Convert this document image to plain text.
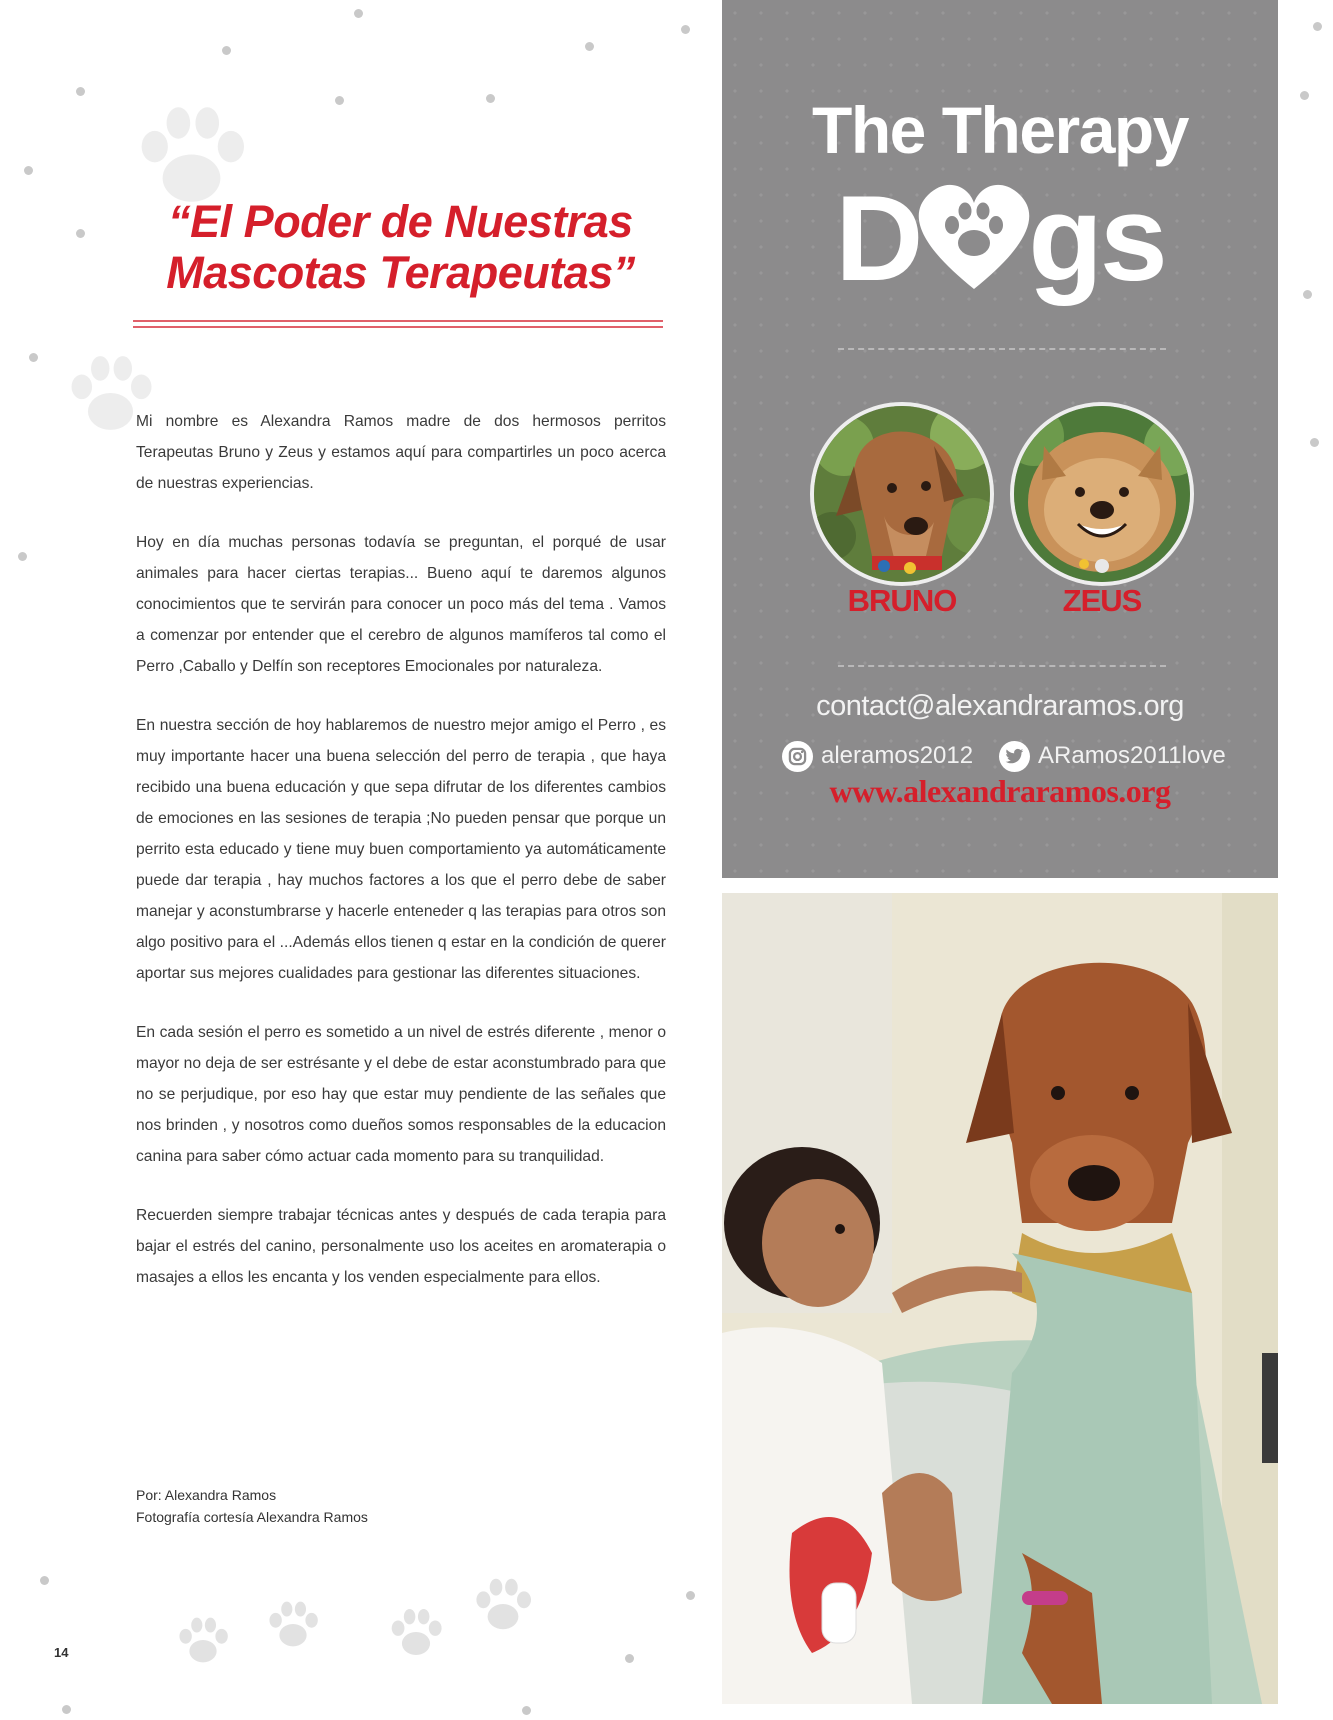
“El Poder de Nuestras
Mascotas Terapeutas”

Mi nombre es Alexandra Ramos madre de dos hermosos perritos Terapeutas Bruno y Zeus y estamos aquí para compartirles un poco acerca de nuestras experiencias.

Hoy en día muchas personas todavía se preguntan, el porqué de usar animales para hacer ciertas terapias... Bueno aquí te daremos algunos conocimientos que te servirán para conocer un poco más del tema . Vamos a comenzar por entender que el cerebro de algunos mamíferos tal como el Perro ,Caballo y Delfín son receptores Emocionales por naturaleza.

En nuestra sección de hoy hablaremos de nuestro mejor amigo el Perro , es muy importante hacer una buena selección del perro de terapia , que haya recibido una buena educación y que sepa difrutar de los diferentes cambios de emociones en las sesiones de terapia ;No pueden pensar que porque un perrito esta educado y tiene muy buen comportamiento ya automáticamente puede dar terapia , hay muchos factores a los que el perro debe de saber manejar y aconstumbrarse y hacerle enteneder q las terapias para otros son algo positivo para el ...Además ellos tienen q estar en la condición de querer aportar sus mejores cualidades para gestionar las diferentes situaciones.

En cada sesión el perro es sometido a un nivel de estrés diferente , menor o mayor no deja de ser estrésante y el debe de estar aconstumbrado para que no se perjudique, por eso hay que estar muy pendiente de las señales que nos brinden , y nosotros como dueños somos responsables de la educacion canina para saber cómo actuar cada momento para su tranquilidad.

Recuerden siempre trabajar técnicas antes y después de cada terapia para bajar el estrés del canino, personalmente uso los aceites en aromaterapia o masajes a ellos les encanta y los venden especialmente para ellos.

Por: Alexandra Ramos
Fotografía cortesía Alexandra Ramos
14
The Therapy
D gs
BRUNO	ZEUS
contact@alexandraramos.org
aleramos2012	ARamos2011love
www.alexandraramos.org
